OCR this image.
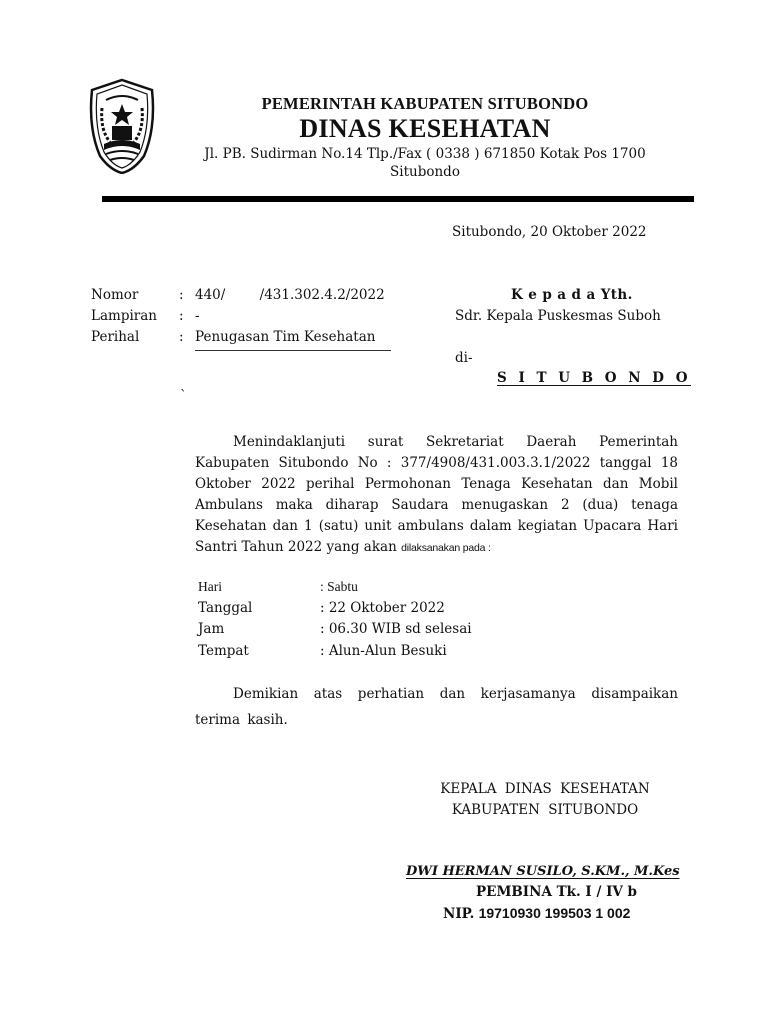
PEMERINTAH KABUPATEN SITUBONDO
DINAS KESEHATAN
Jl. PB. Sudirman No.14 Tlp./Fax ( 0338 ) 671850 Kotak Pos 1700
Situbondo
Situbondo, 20 Oktober 2022
Nomor	: 440/        /431.302.4.2/2022
Lampiran : -
Perihal	: Penugasan Tim Kesehatan
K e p a d a Yth.
Sdr. Kepala Puskesmas Suboh
di-
S I T U B O N D O
`
Menindaklanjuti surat Sekretariat Daerah Pemerintah Kabupaten Situbondo No : 377/4908/431.003.3.1/2022 tanggal 18 Oktober 2022 perihal Permohonan Tenaga Kesehatan dan Mobil Ambulans maka diharap Saudara menugaskan 2 (dua) tenaga Kesehatan dan 1 (satu) unit ambulans dalam kegiatan Upacara Hari Santri Tahun 2022 yang akan dilaksanakan pada :
Hari	: Sabtu
Tanggal	: 22 Oktober 2022
Jam	: 06.30 WIB sd selesai
Tempat	: Alun-Alun Besuki
Demikian atas perhatian dan kerjasamanya disampaikan
terima kasih.
KEPALA DINAS KESEHATAN
KABUPATEN SITUBONDO
DWI HERMAN SUSILO, S.KM., M.Kes
PEMBINA Tk. I / IV b
NIP. 19710930 199503 1 002
